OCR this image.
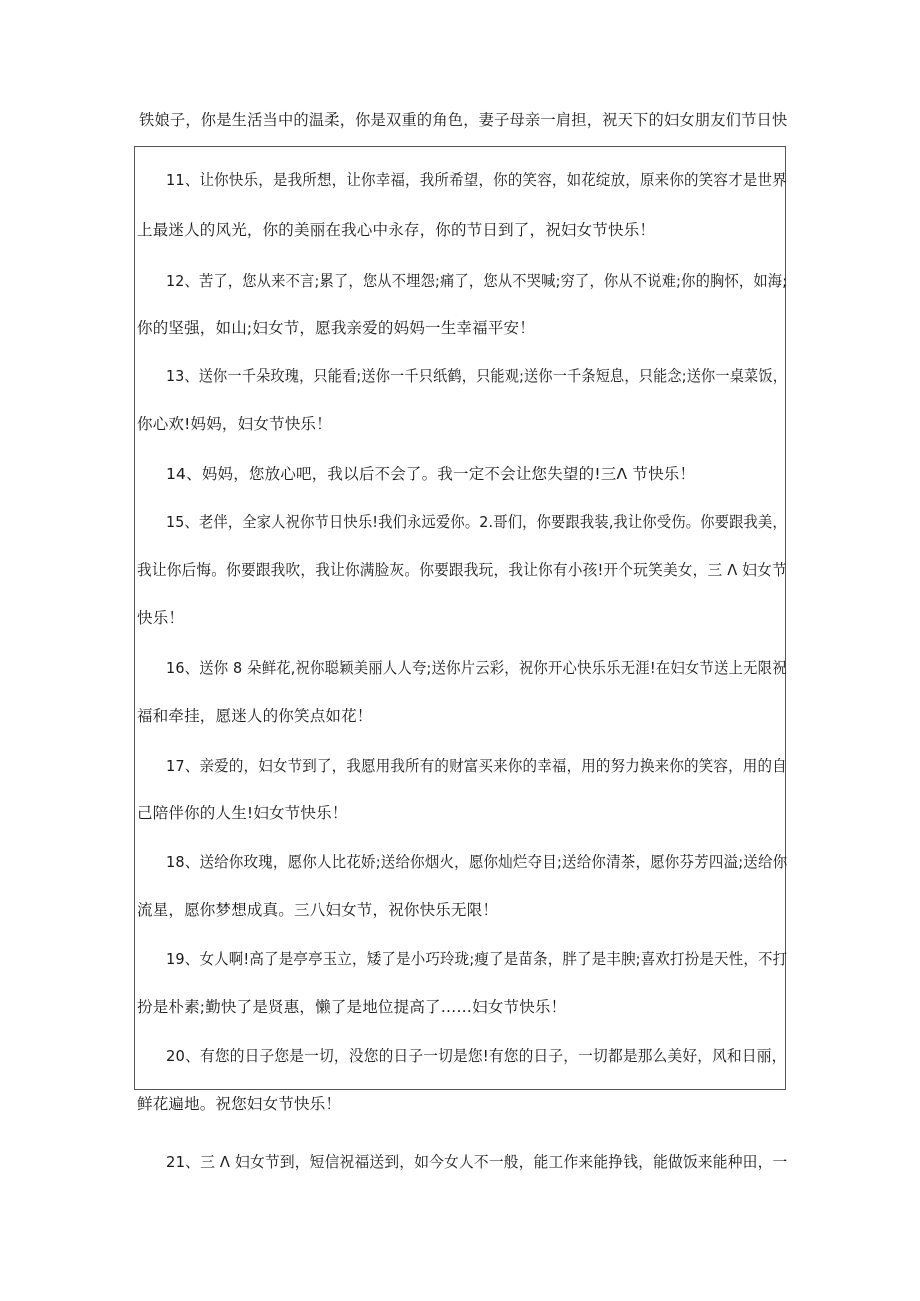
铁娘子，你是生活当中的温柔，你是双重的角色，妻子母亲一肩担，祝天下的妇女朋友们节日快
11、让你快乐，是我所想，让你幸福，我所希望，你的笑容，如花绽放，原来你的笑容才是世界
上最迷人的风光，你的美丽在我心中永存，你的节日到了，祝妇女节快乐！
12、苦了，您从来不言;累了，您从不埋怨;痛了，您从不哭喊;穷了，你从不说难;你的胸怀，如海;
你的坚强，如山;妇女节，愿我亲爱的妈妈一生幸福平安！
13、送你一千朵玫瑰，只能看;送你一千只纸鹤，只能观;送你一千条短息，只能念;送你一桌菜饭，
你心欢!妈妈，妇女节快乐！
14、妈妈，您放心吧，我以后不会了。我一定不会让您失望的!三Λ 节快乐！
15、老伴，全家人祝你节日快乐!我们永远爱你。2.哥们，你要跟我装,我让你受伤。你要跟我美，
我让你后悔。你要跟我吹，我让你满脸灰。你要跟我玩，我让你有小孩!开个玩笑美女，三 Λ 妇女节
快乐！
16、送你 8 朵鲜花,祝你聪颖美丽人人夸;送你片云彩，祝你开心快乐乐无涯!在妇女节送上无限祝
福和牵挂，愿迷人的你笑点如花！
17、亲爱的，妇女节到了，我愿用我所有的财富买来你的幸福，用的努力换来你的笑容，用的自
己陪伴你的人生!妇女节快乐！
18、送给你玫瑰，愿你人比花娇;送给你烟火，愿你灿烂夺目;送给你清茶，愿你芬芳四溢;送给你
流星，愿你梦想成真。三八妇女节，祝你快乐无限！
19、女人啊!高了是亭亭玉立，矮了是小巧玲珑;瘦了是苗条，胖了是丰腴;喜欢打扮是天性，不打
扮是朴素;勤快了是贤惠，懒了是地位提高了……妇女节快乐！
20、有您的日子您是一切，没您的日子一切是您!有您的日子，一切都是那么美好，风和日丽，
鲜花遍地。祝您妇女节快乐！
21、三 Λ 妇女节到，短信祝福送到，如今女人不一般，能工作来能挣钱，能做饭来能种田，一
